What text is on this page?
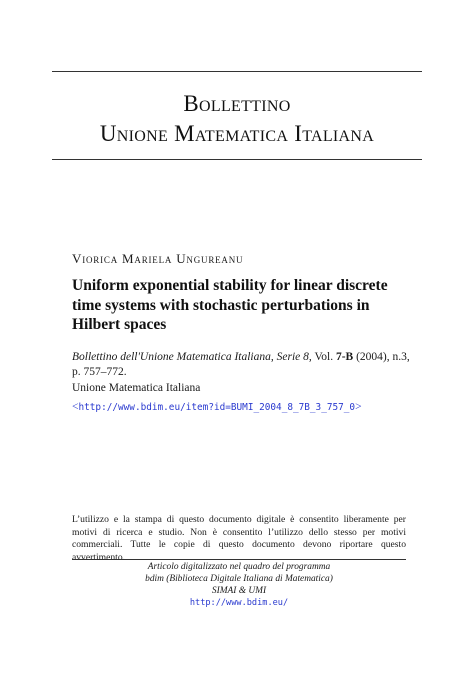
Bollettino
Unione Matematica Italiana
Viorica Mariela Ungureanu
Uniform exponential stability for linear discrete time systems with stochastic perturbations in Hilbert spaces
Bollettino dell'Unione Matematica Italiana, Serie 8, Vol. 7-B (2004), n.3, p. 757–772.
Unione Matematica Italiana
<http://www.bdim.eu/item?id=BUMI_2004_8_7B_3_757_0>

L’utilizzo e la stampa di questo documento digitale è consentito liberamente per motivi di ricerca e studio. Non è consentito l’utilizzo dello stesso per motivi commerciali. Tutte le copie di questo documento devono riportare questo avvertimento.

Articolo digitalizzato nel quadro del programma
bdim (Biblioteca Digitale Italiana di Matematica)
SIMAI & UMI
http://www.bdim.eu/
